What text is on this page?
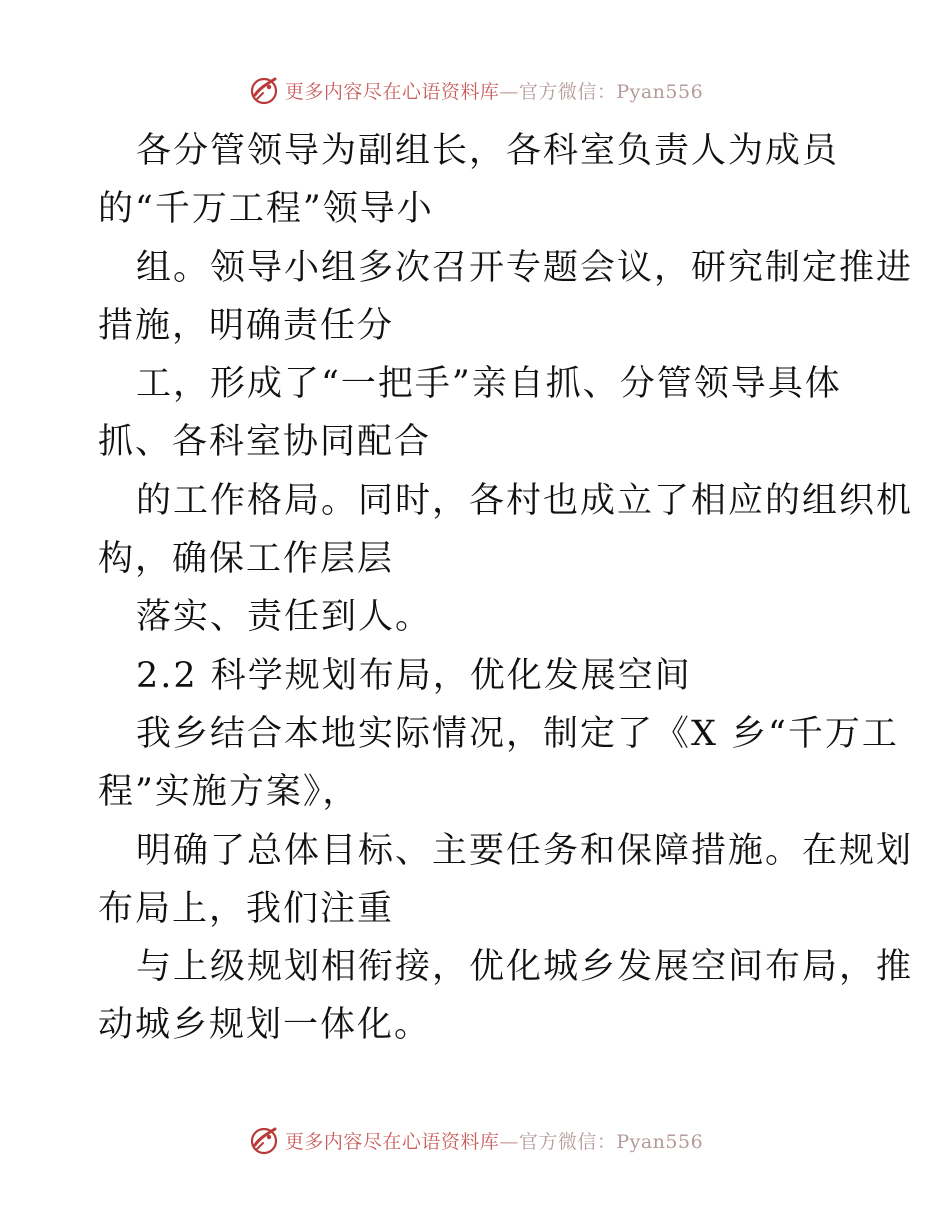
更多内容尽在心语资料库—官方微信：Pyan556
各分管领导为副组长，各科室负责人为成员
的“千万工程”领导小
组。领导小组多次召开专题会议，研究制定推进
措施，明确责任分
工，形成了“一把手”亲自抓、分管领导具体
抓、各科室协同配合
的工作格局。同时，各村也成立了相应的组织机
构，确保工作层层
落实、责任到人。
2.2 科学规划布局，优化发展空间
我乡结合本地实际情况，制定了《X 乡“千万工
程”实施方案》，
明确了总体目标、主要任务和保障措施。在规划
布局上，我们注重
与上级规划相衔接，优化城乡发展空间布局，推
动城乡规划一体化。
更多内容尽在心语资料库—官方微信：Pyan556
